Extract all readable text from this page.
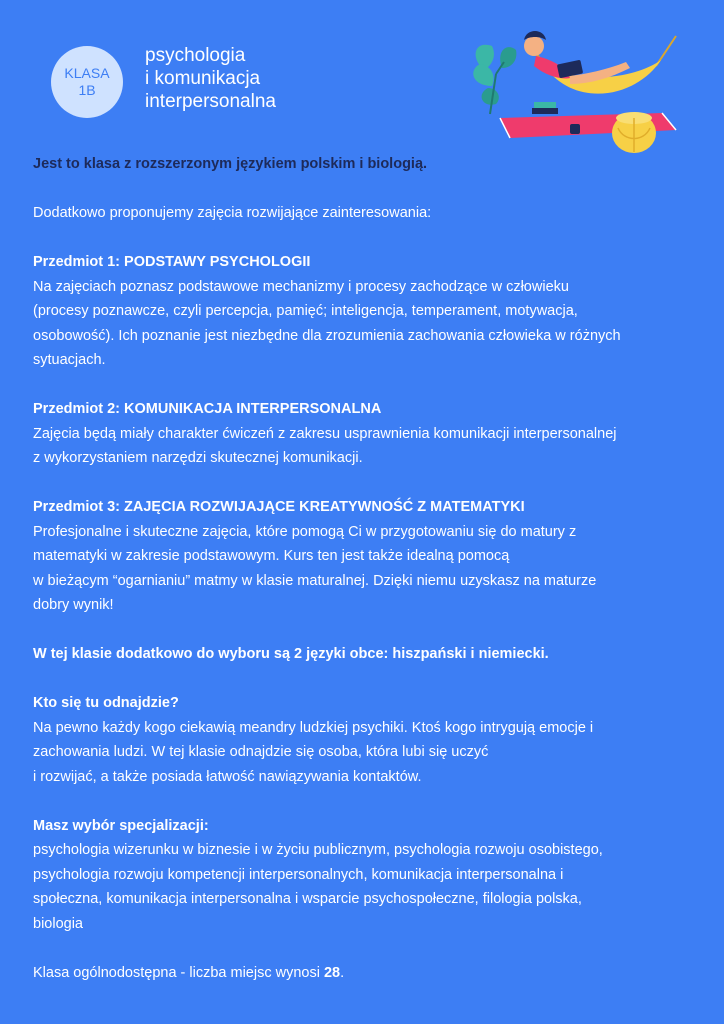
KLASA
1B
psychologia
i komunikacja
interpersonalna
Jest to klasa z rozszerzonym językiem polskim i biologią.
Dodatkowo proponujemy zajęcia rozwijające zainteresowania:
Przedmiot 1: PODSTAWY PSYCHOLOGII
Na zajęciach poznasz podstawowe mechanizmy i procesy zachodzące w człowieku
(procesy poznawcze, czyli percepcja, pamięć; inteligencja, temperament, motywacja,
osobowość). Ich poznanie jest niezbędne dla zrozumienia zachowania człowieka w różnych
sytuacjach.
Przedmiot 2: KOMUNIKACJA INTERPERSONALNA
Zajęcia będą miały charakter ćwiczeń z zakresu usprawnienia komunikacji interpersonalnej
z wykorzystaniem narzędzi skutecznej komunikacji.
Przedmiot 3: ZAJĘCIA ROZWIJAJĄCE KREATYWNOŚĆ Z MATEMATYKI
Profesjonalne i skuteczne zajęcia, które pomogą Ci w przygotowaniu się do matury z
matematyki w zakresie podstawowym. Kurs ten jest także idealną pomocą
w bieżącym “ogarnianiu” matmy w klasie maturalnej. Dzięki niemu uzyskasz na maturze
dobry wynik!
W tej klasie dodatkowo do wyboru są 2 języki obce: hiszpański i niemiecki.
Kto się tu odnajdzie?
Na pewno każdy kogo ciekawią meandry ludzkiej psychiki. Ktoś kogo intrygują emocje i
zachowania ludzi. W tej klasie odnajdzie się osoba, która lubi się uczyć
i rozwijać, a także posiada łatwość nawiązywania kontaktów.
Masz wybór specjalizacji:
psychologia wizerunku w biznesie i w życiu publicznym, psychologia rozwoju osobistego,
psychologia rozwoju kompetencji interpersonalnych, komunikacja interpersonalna i
społeczna, komunikacja interpersonalna i wsparcie psychospołeczne, filologia polska,
biologia
Klasa ogólnodostępna - liczba miejsc wynosi 28.
